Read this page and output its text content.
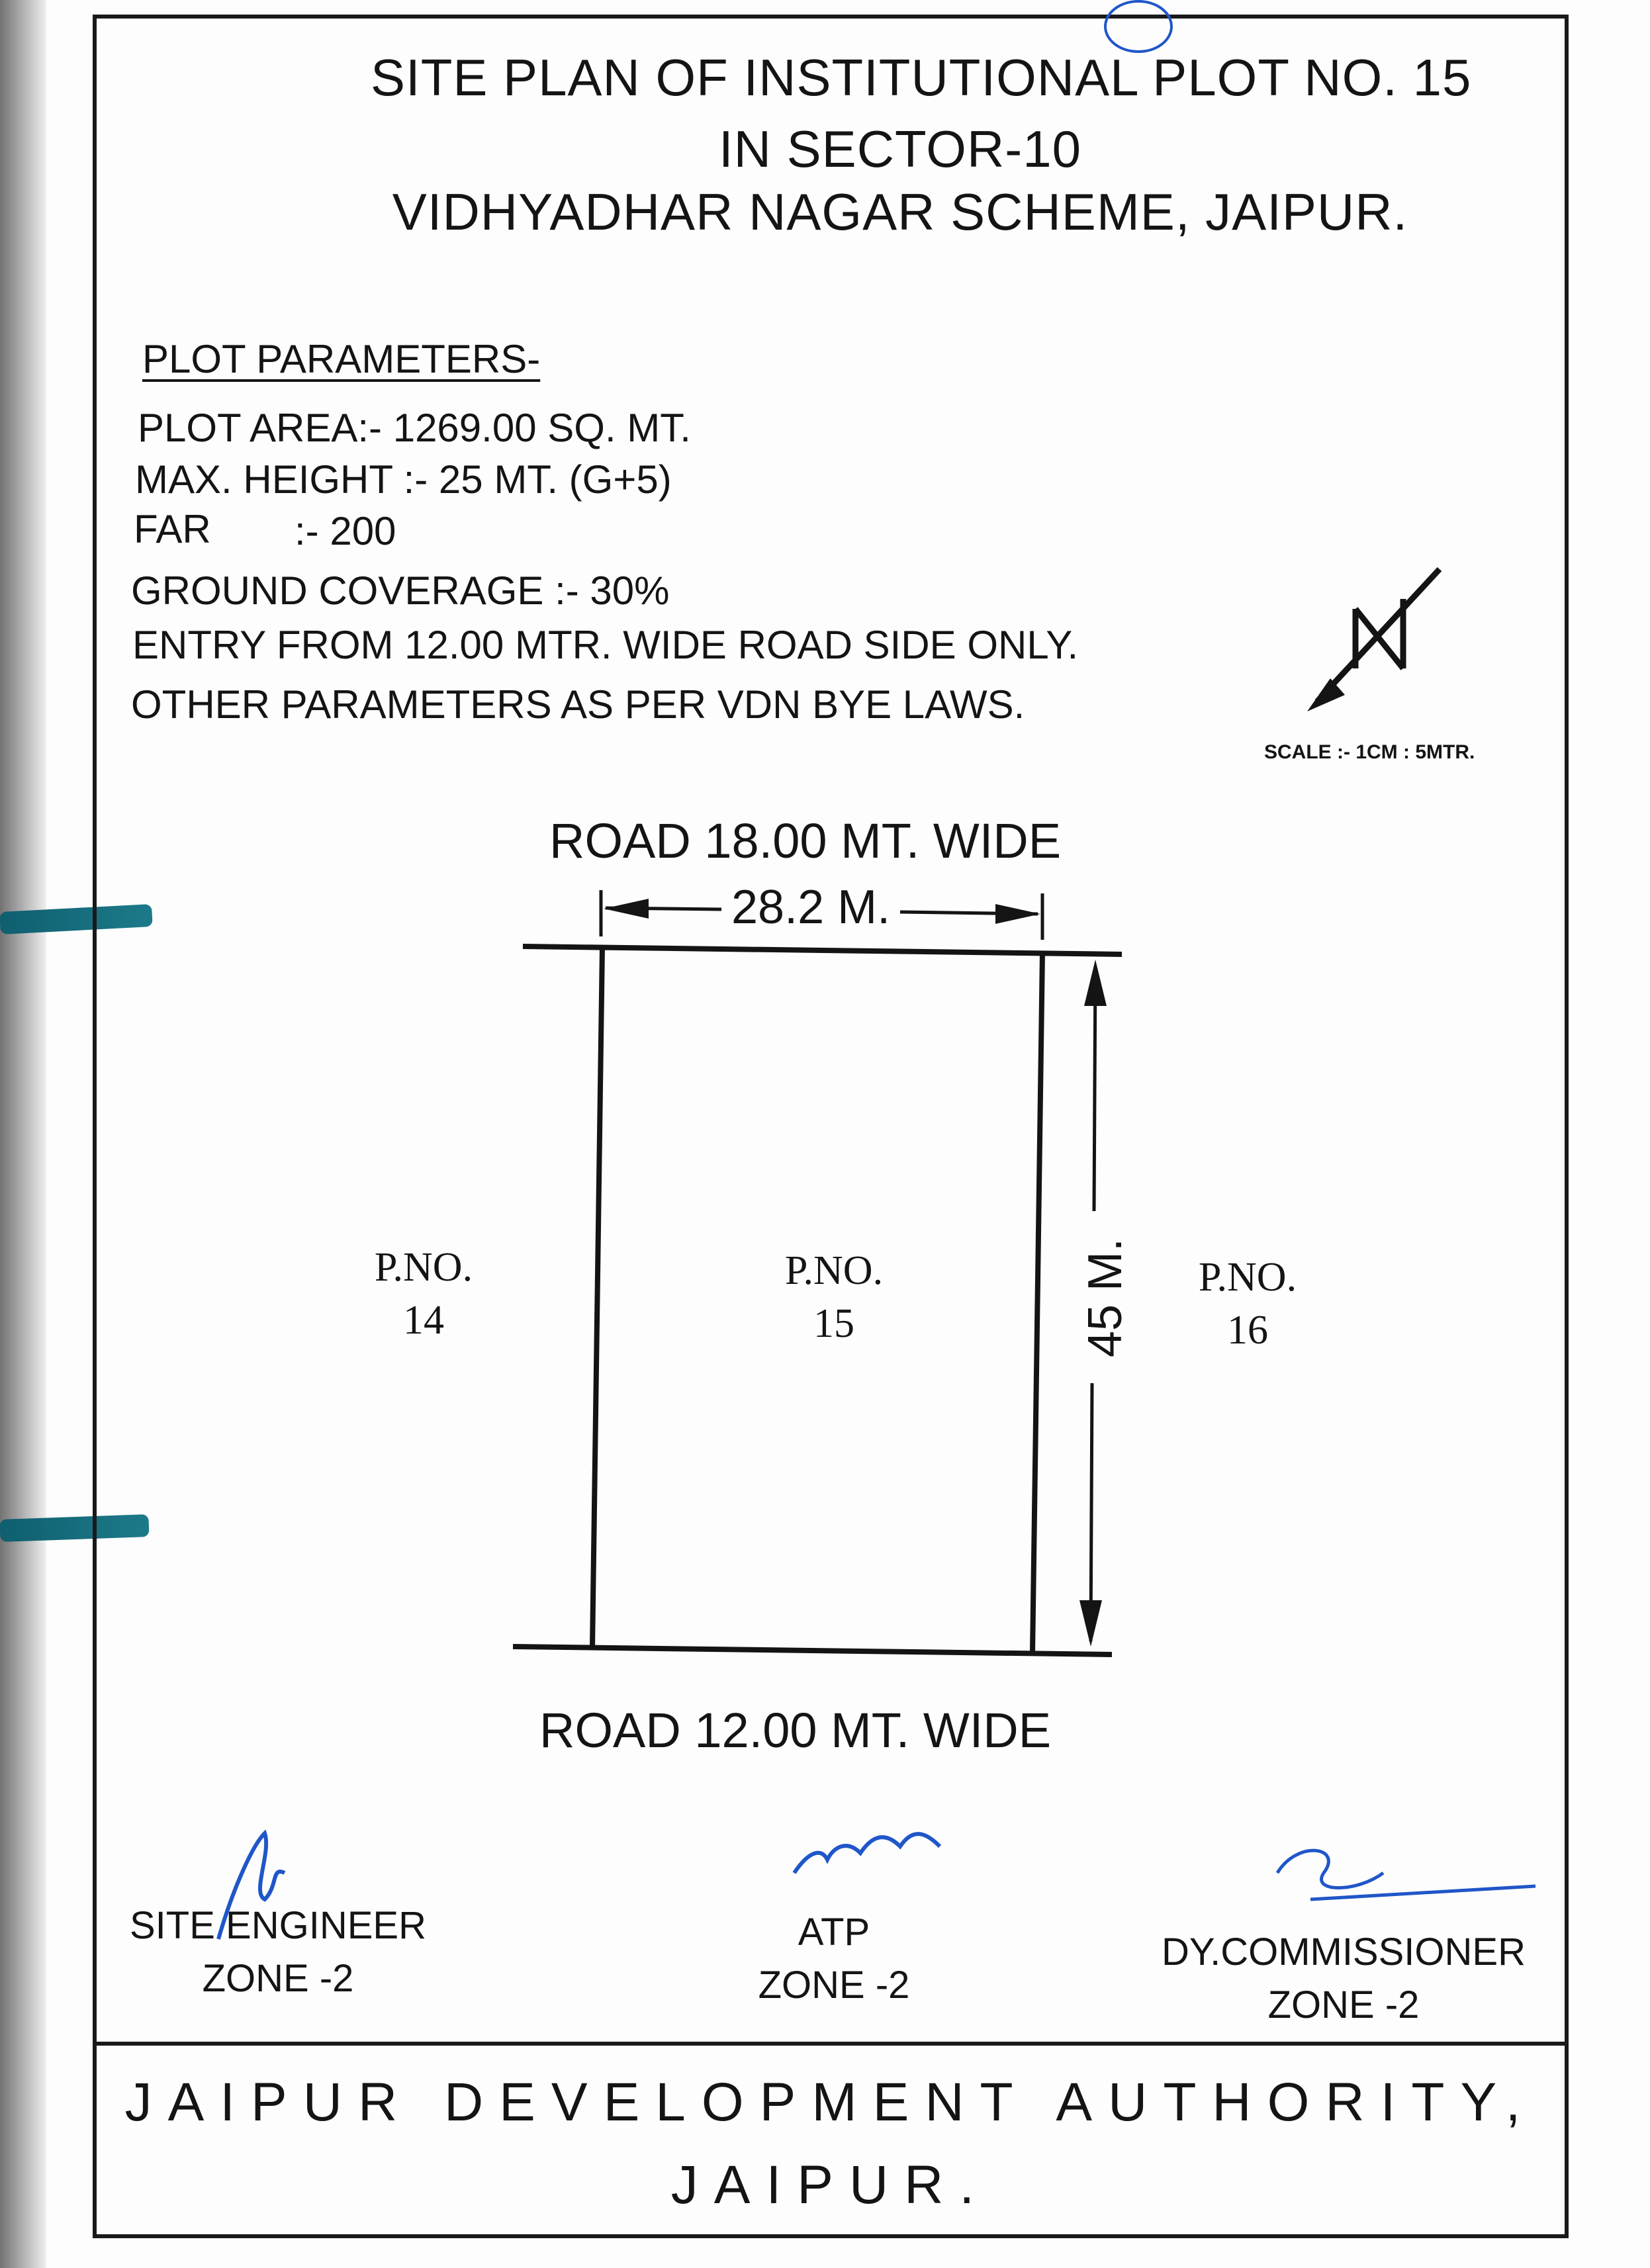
SITE PLAN OF INSTITUTIONAL PLOT NO. 15
IN SECTOR-10
VIDHYADHAR NAGAR SCHEME, JAIPUR.
PLOT PARAMETERS-
PLOT AREA:- 1269.00 SQ. MT.
MAX. HEIGHT :- 25 MT. (G+5)
FAR :- 200
GROUND COVERAGE :- 30%
ENTRY FROM 12.00 MTR. WIDE ROAD SIDE ONLY.
OTHER PARAMETERS AS PER VDN BYE LAWS.
SCALE :- 1CM : 5MTR.
ROAD 18.00 MT. WIDE
ROAD 12.00 MT. WIDE
28.2 M.
45 M.
P.NO.
14
P.NO.
15
P.NO.
16
SITE ENGINEER
ZONE -2
ATP
ZONE -2
DY.COMMISSIONER
ZONE -2
JAIPUR DEVELOPMENT AUTHORITY,
JAIPUR.
